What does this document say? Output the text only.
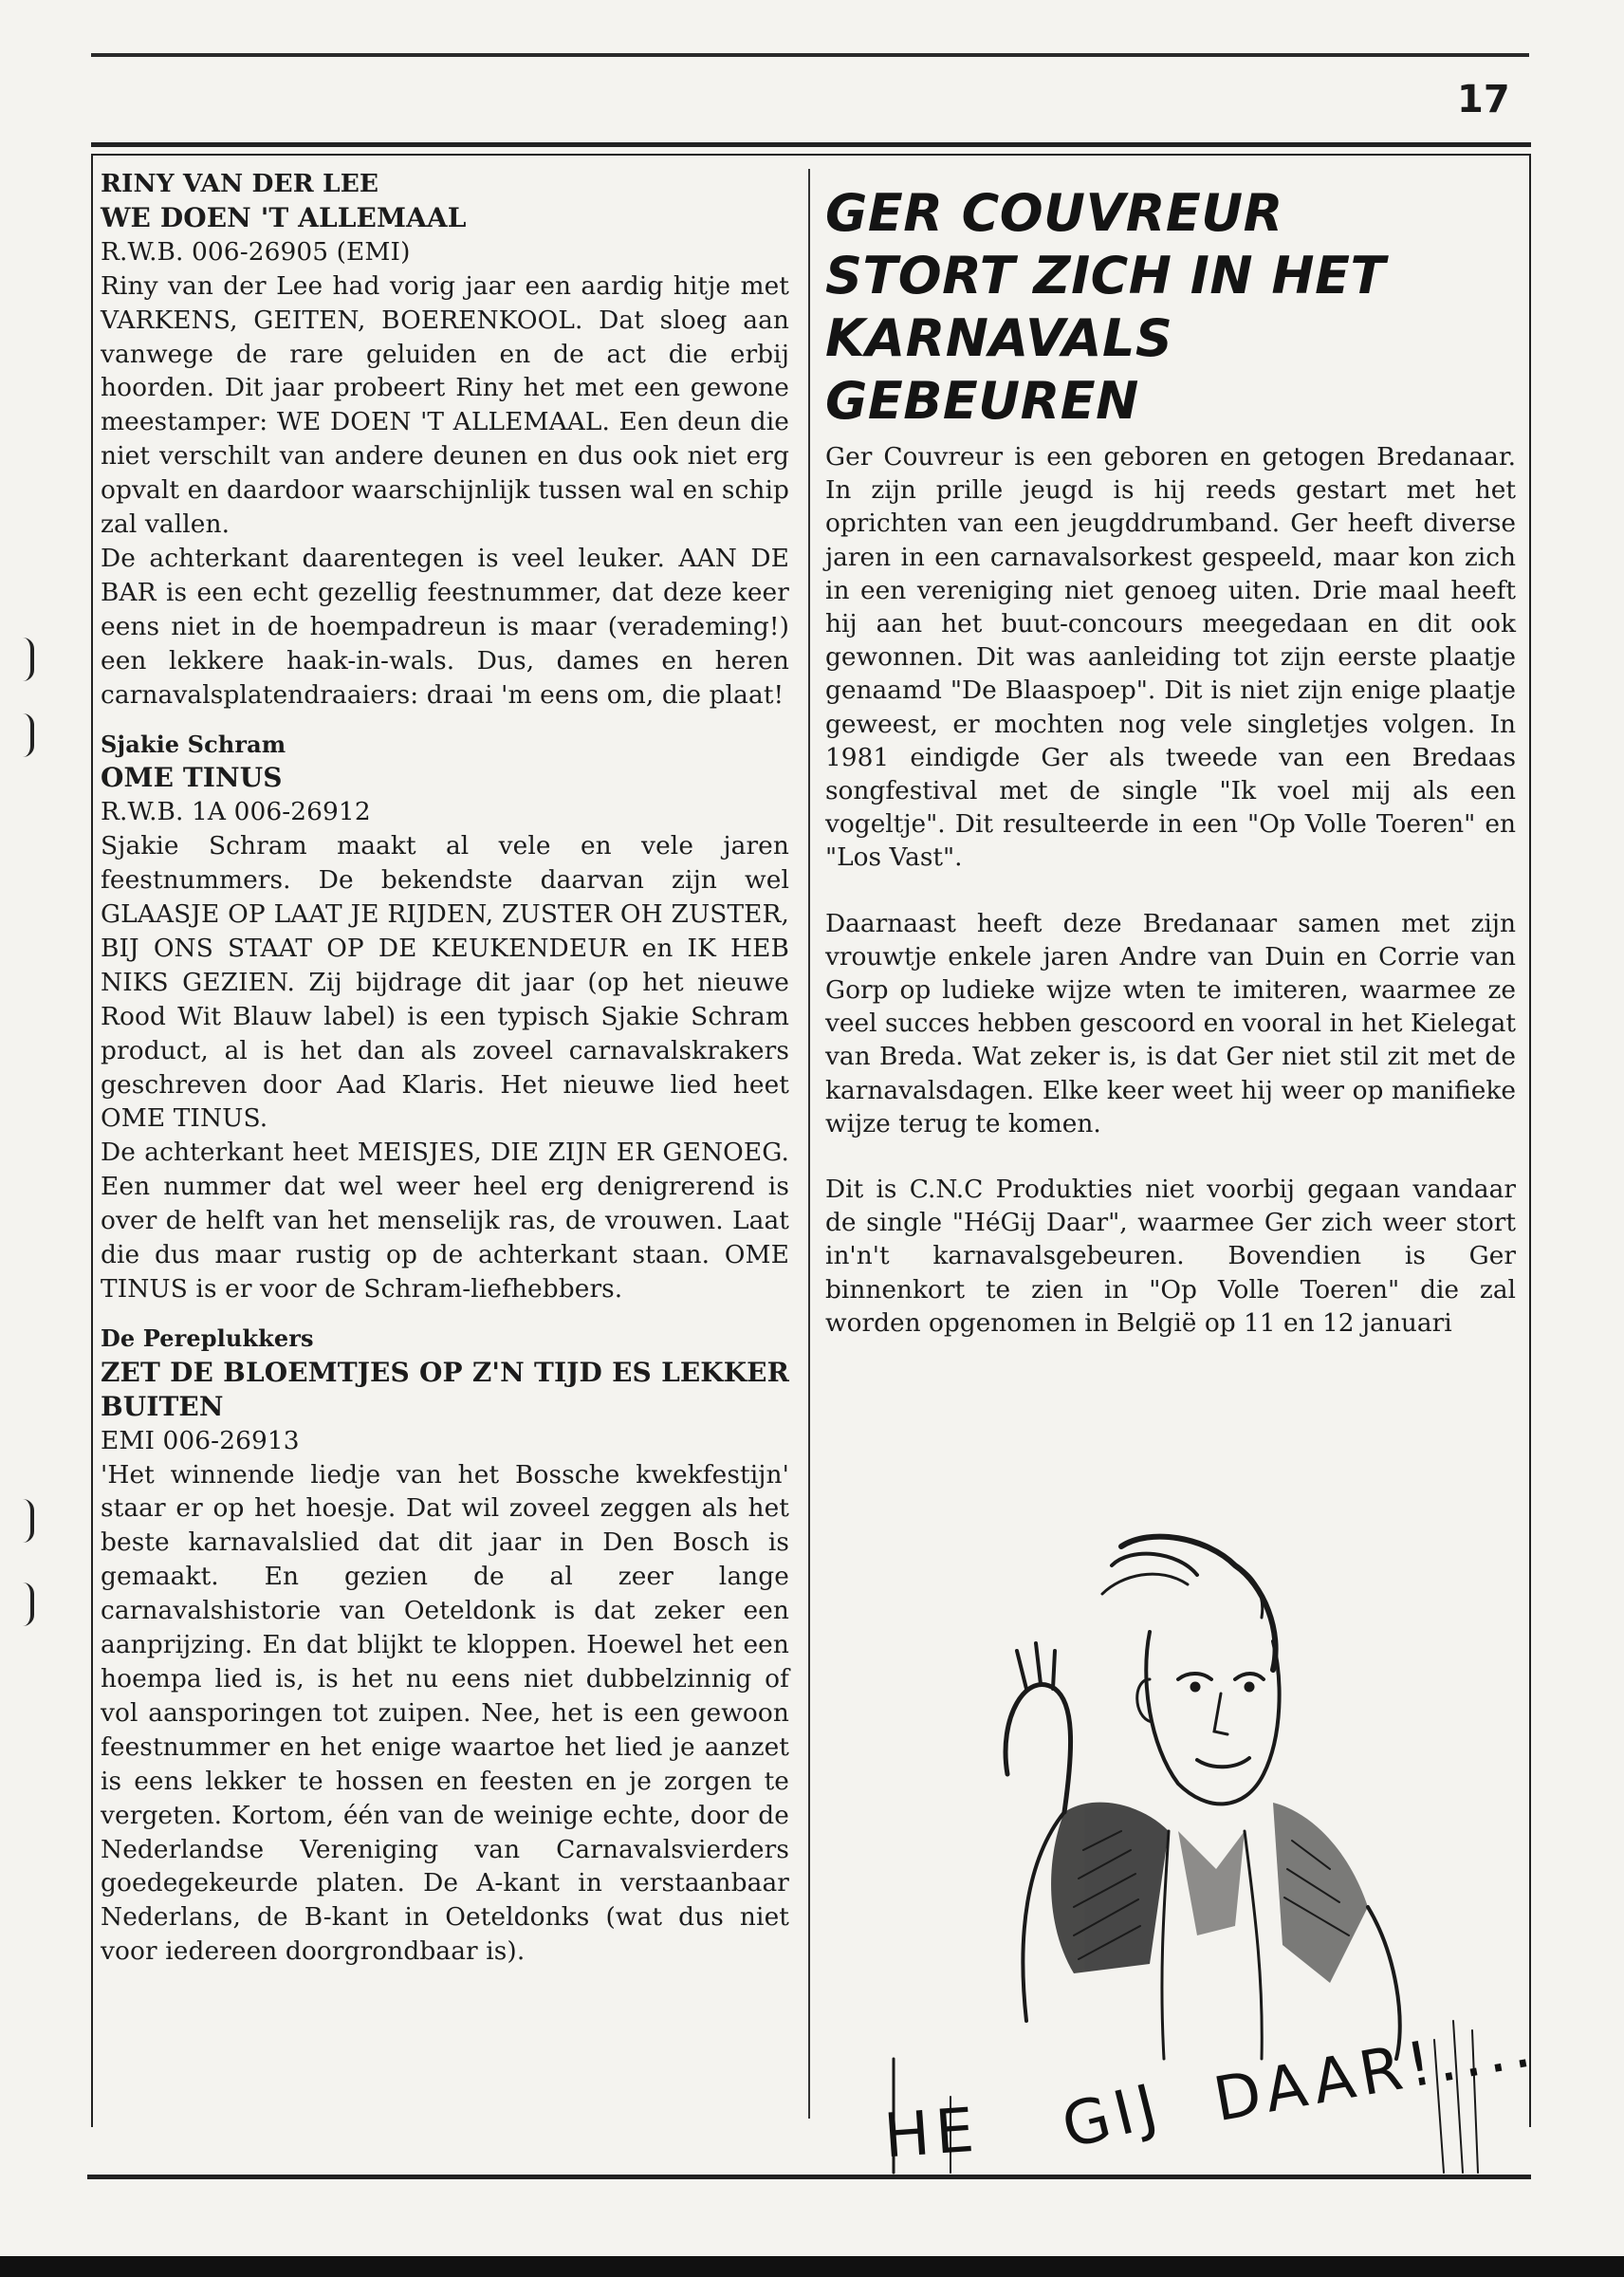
17

RINY VAN DER LEE

WE DOEN 'T ALLEMAAL

R.W.B. 006-26905 (EMI)

Riny van der Lee had vorig jaar een aardig hitje met VARKENS, GEITEN, BOERENKOOL. Dat sloeg aan vanwege de rare geluiden en de act die erbij hoorden. Dit jaar probeert Riny het met een gewone meestamper: WE DOEN 'T ALLEMAAL. Een deun die niet verschilt van andere deunen en dus ook niet erg opvalt en daardoor waarschijnlijk tussen wal en schip zal vallen.

De achterkant daarentegen is veel leuker. AAN DE BAR is een echt gezellig feestnummer, dat deze keer eens niet in de hoempadreun is maar (verademing!) een lekkere haak-in-wals. Dus, dames en heren carnavalsplatendraaiers: draai 'm eens om, die plaat!

Sjakie Schram

OME TINUS

R.W.B. 1A 006-26912

Sjakie Schram maakt al vele en vele jaren feestnummers. De bekendste daarvan zijn wel GLAASJE OP LAAT JE RIJDEN, ZUSTER OH ZUSTER, BIJ ONS STAAT OP DE KEUKENDEUR en IK HEB NIKS GEZIEN. Zij bijdrage dit jaar (op het nieuwe Rood Wit Blauw label) is een typisch Sjakie Schram product, al is het dan als zoveel carnavalskrakers geschreven door Aad Klaris. Het nieuwe lied heet OME TINUS.

De achterkant heet MEISJES, DIE ZIJN ER GENOEG. Een nummer dat wel weer heel erg denigrerend is over de helft van het menselijk ras, de vrouwen. Laat die dus maar rustig op de achterkant staan. OME TINUS is er voor de Schram-liefhebbers.

De Pereplukkers

ZET DE BLOEMTJES OP Z'N TIJD ES LEKKER BUITEN

EMI 006-26913

'Het winnende liedje van het Bossche kwekfestijn' staar er op het hoesje. Dat wil zoveel zeggen als het beste karnavalslied dat dit jaar in Den Bosch is gemaakt. En gezien de al zeer lange carnavalshistorie van Oeteldonk is dat zeker een aanprijzing. En dat blijkt te kloppen. Hoewel het een hoempa lied is, is het nu eens niet dubbelzinnig of vol aansporingen tot zuipen. Nee, het is een gewoon feestnummer en het enige waartoe het lied je aanzet is eens lekker te hossen en feesten en je zorgen te vergeten. Kortom, één van de weinige echte, door de Nederlandse Vereniging van Carnavalsvierders goedegekeurde platen. De A-kant in verstaanbaar Nederlans, de B-kant in Oeteldonks (wat dus niet voor iedereen doorgrondbaar is).

GER COUVREUR
STORT ZICH IN HET
KARNAVALS
GEBEUREN

Ger Couvreur is een geboren en getogen Bredanaar. In zijn prille jeugd is hij reeds gestart met het oprichten van een jeugddrumband. Ger heeft diverse jaren in een carnavalsorkest gespeeld, maar kon zich in een vereniging niet genoeg uiten. Drie maal heeft hij aan het buut-concours meegedaan en dit ook gewonnen. Dit was aanleiding tot zijn eerste plaatje genaamd "De Blaaspoep". Dit is niet zijn enige plaatje geweest, er mochten nog vele singletjes volgen. In 1981 eindigde Ger als tweede van een Bredaas songfestival met de single "Ik voel mij als een vogeltje". Dit resulteerde in een "Op Volle Toeren" en "Los Vast".

Daarnaast heeft deze Bredanaar samen met zijn vrouwtje enkele jaren Andre van Duin en Corrie van Gorp op ludieke wijze wten te imiteren, waarmee ze veel succes hebben gescoord en vooral in het Kielegat van Breda. Wat zeker is, is dat Ger niet stil zit met de karnavalsdagen. Elke keer weet hij weer op manifieke wijze terug te komen.

Dit is C.N.C Produkties niet voorbij gegaan vandaar de single "HéGij Daar", waarmee Ger zich weer stort in'n't karnavalsgebeuren. Bovendien is Ger binnenkort te zien in "Op Volle Toeren" die zal worden opgenomen in België op 11 en 12 januari

HE GIJ DAAR!....
